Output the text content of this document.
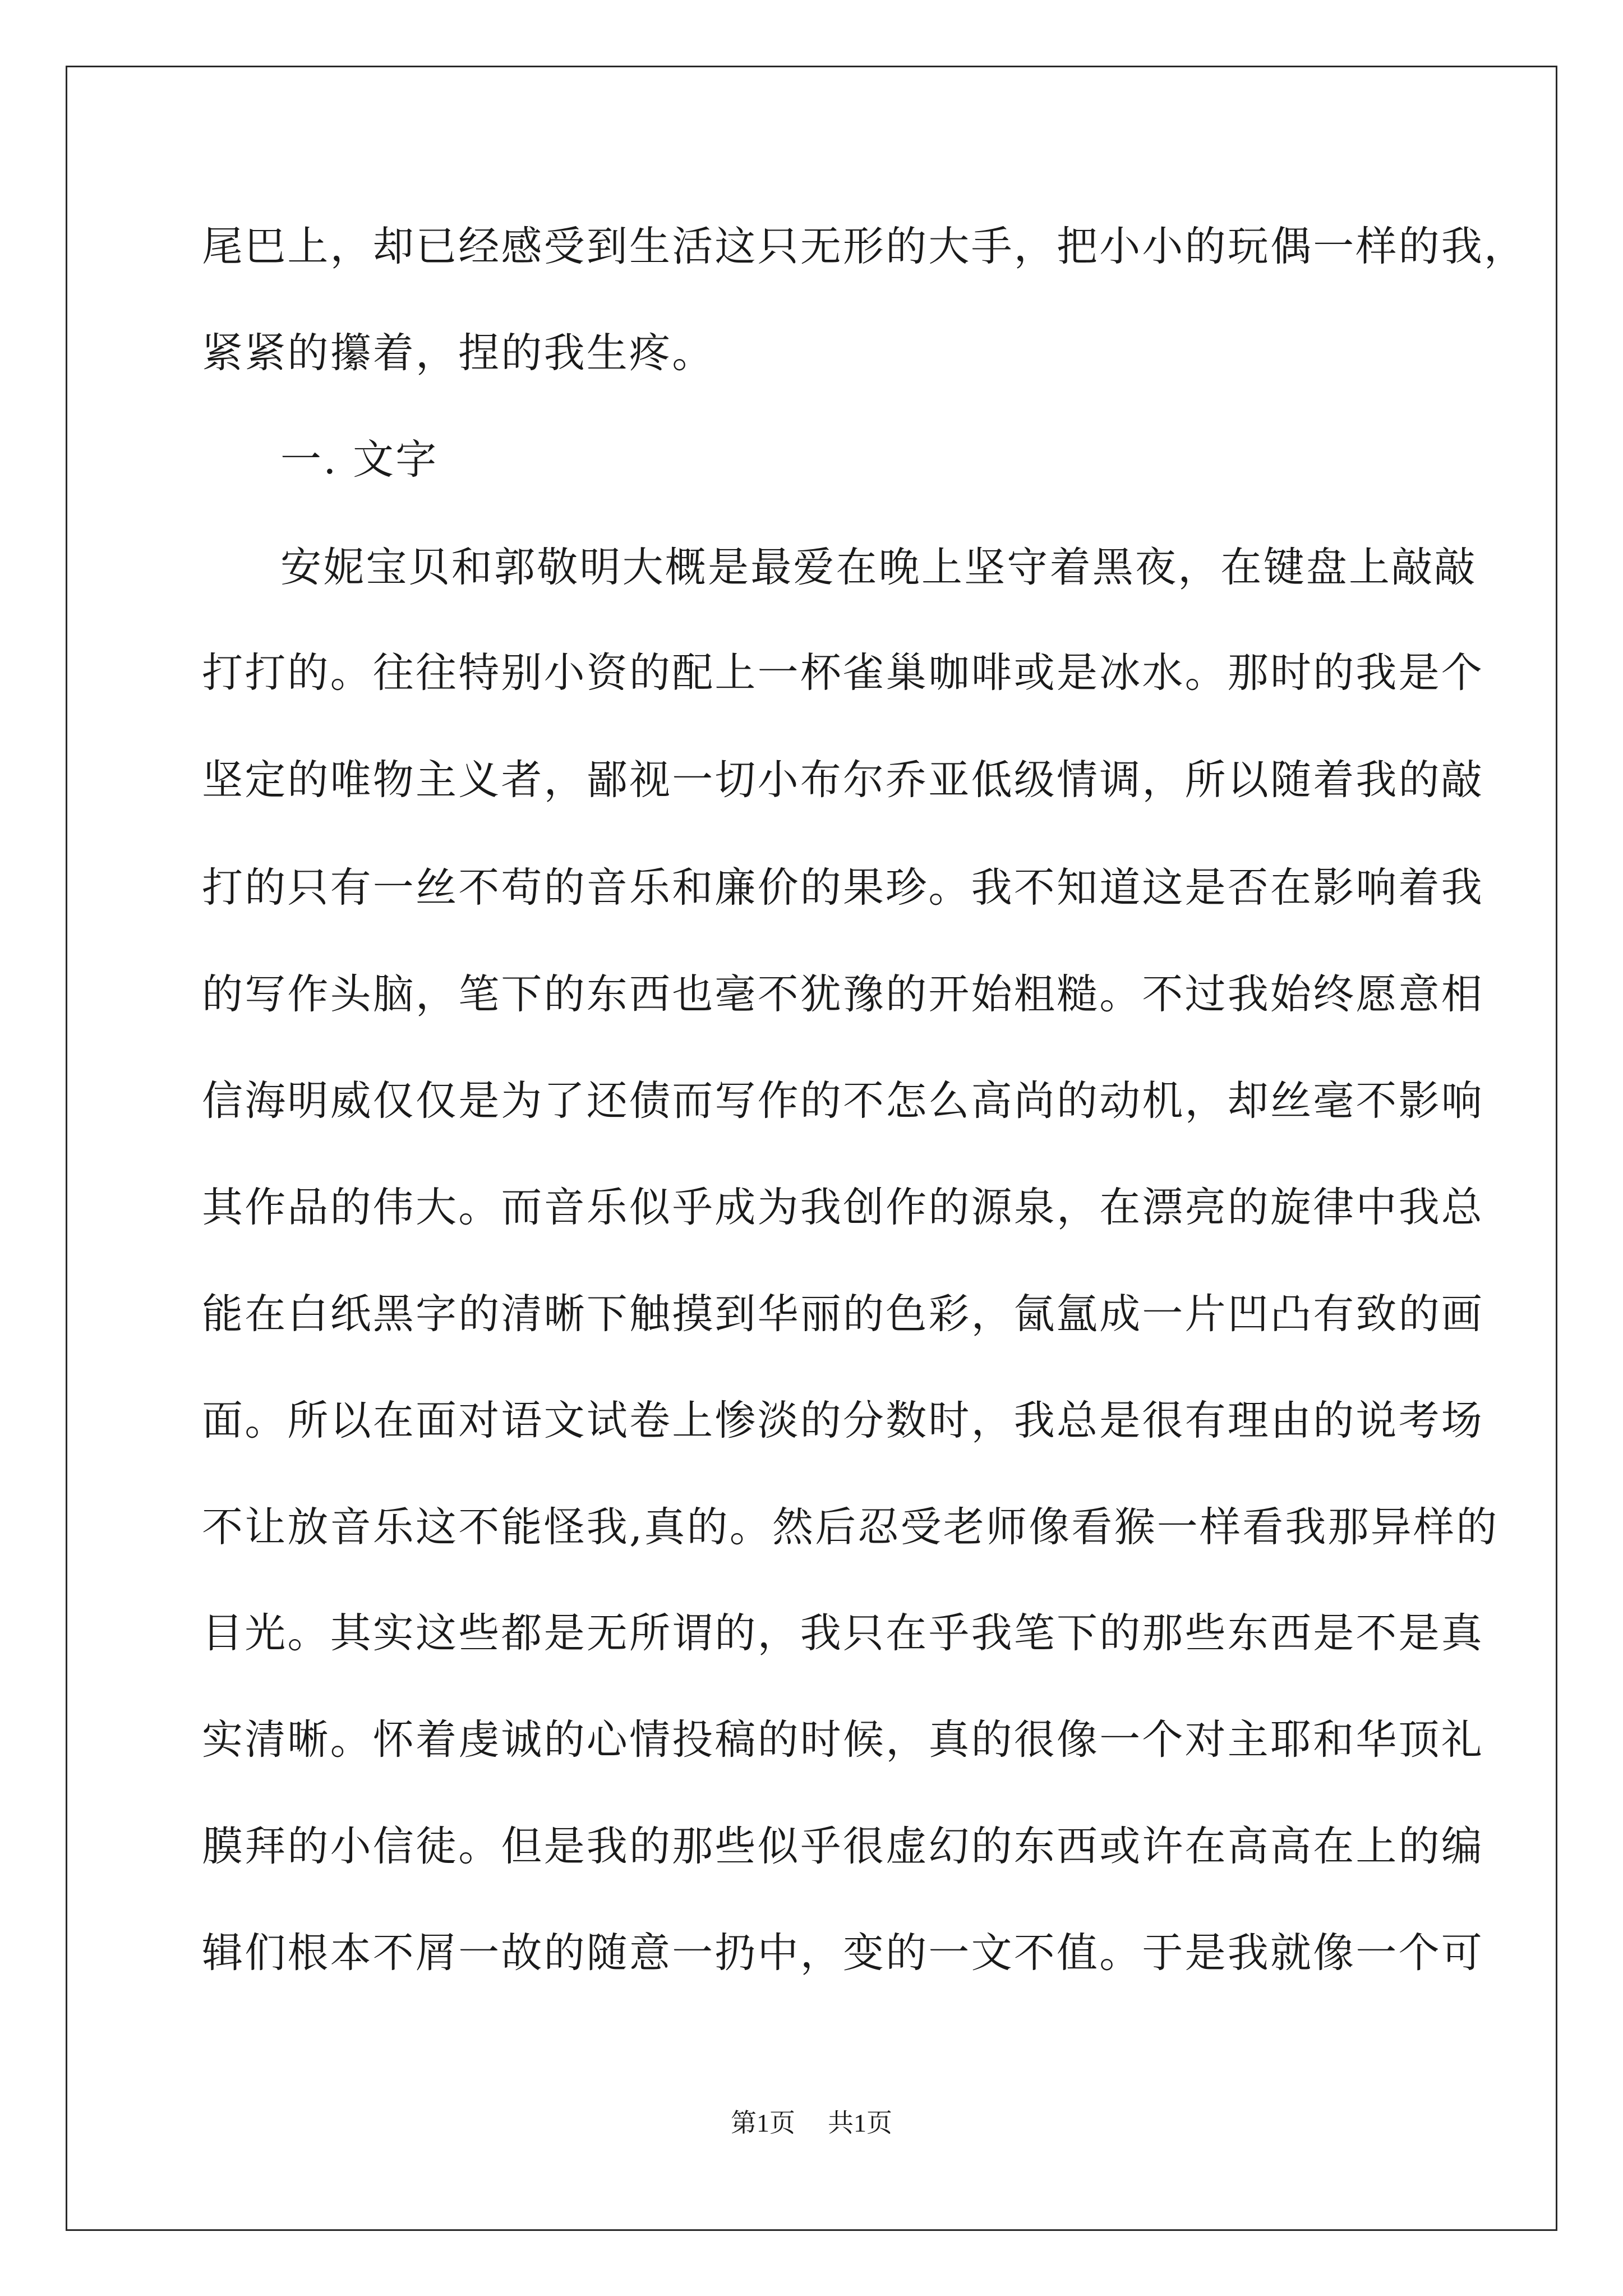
尾巴上，却已经感受到生活这只无形的大手，把小小的玩偶一样的我，
紧紧的攥着，捏的我生疼。
一. 文字
安妮宝贝和郭敬明大概是最爱在晚上坚守着黑夜，在键盘上敲敲
打打的。往往特别小资的配上一杯雀巢咖啡或是冰水。那时的我是个
坚定的唯物主义者，鄙视一切小布尔乔亚低级情调，所以随着我的敲
打的只有一丝不苟的音乐和廉价的果珍。我不知道这是否在影响着我
的写作头脑，笔下的东西也毫不犹豫的开始粗糙。不过我始终愿意相
信海明威仅仅是为了还债而写作的不怎么高尚的动机，却丝毫不影响
其作品的伟大。而音乐似乎成为我创作的源泉，在漂亮的旋律中我总
能在白纸黑字的清晰下触摸到华丽的色彩，氤氲成一片凹凸有致的画
面。所以在面对语文试卷上惨淡的分数时，我总是很有理由的说考场
不让放音乐这不能怪我,真的。然后忍受老师像看猴一样看我那异样的
目光。其实这些都是无所谓的，我只在乎我笔下的那些东西是不是真
实清晰。怀着虔诚的心情投稿的时候，真的很像一个对主耶和华顶礼
膜拜的小信徒。但是我的那些似乎很虚幻的东西或许在高高在上的编
辑们根本不屑一故的随意一扔中，变的一文不值。于是我就像一个可
第1页 共1页
